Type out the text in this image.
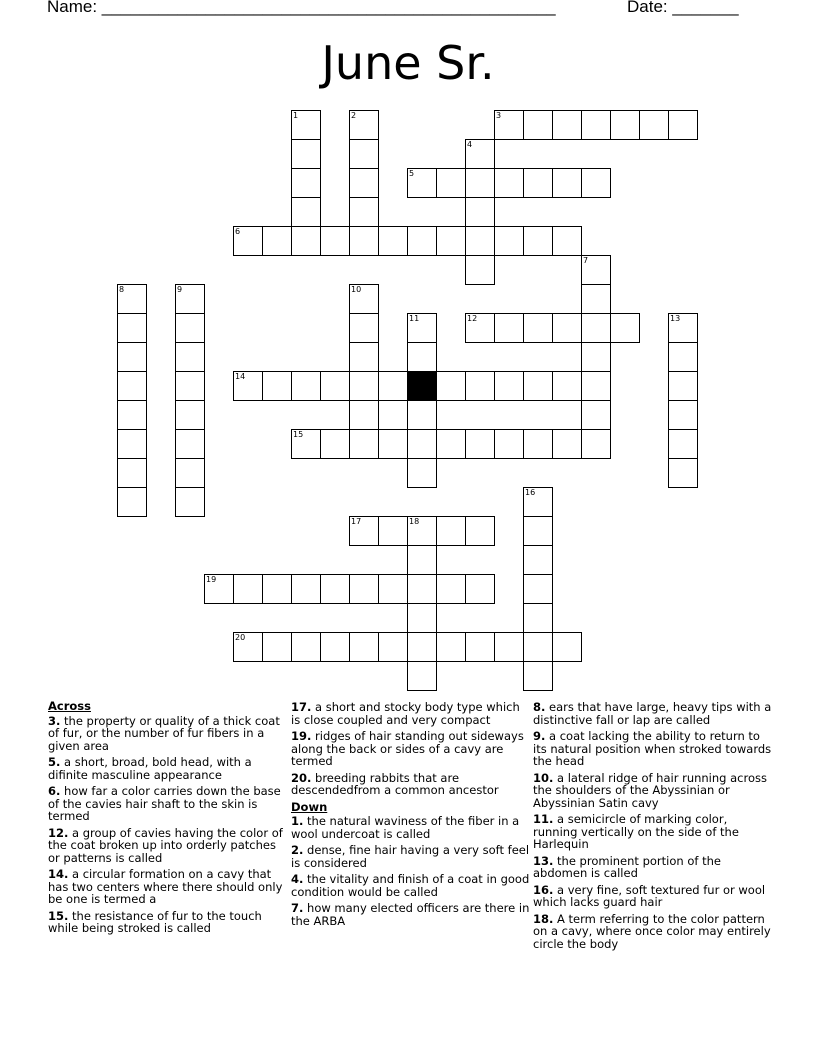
Name: ________________________________________________	Date: _______
June Sr.
1	2	3
4
5
6
7
8	9	10
11	12	13
14
15
16
17	18
19
20
Across
3. the property or quality of a thick coat of fur, or the number of fur fibers in a given area
5. a short, broad, bold head, with a difinite masculine appearance
6. how far a color carries down the base of the cavies hair shaft to the skin is termed
12. a group of cavies having the color of the coat broken up into orderly patches or patterns is called
14. a circular formation on a cavy that has two centers where there should only be one is termed a
15. the resistance of fur to the touch while being stroked is called
17. a short and stocky body type which is close coupled and very compact
19. ridges of hair standing out sideways along the back or sides of a cavy are termed
20. breeding rabbits that are descendedfrom a common ancestor
Down
1. the natural waviness of the fiber in a wool undercoat is called
2. dense, fine hair having a very soft feel is considered
4. the vitality and finish of a coat in good condition would be called
7. how many elected officers are there in the ARBA
8. ears that have large, heavy tips with a distinctive fall or lap are called
9. a coat lacking the ability to return to its natural position when stroked towards the head
10. a lateral ridge of hair running across the shoulders of the Abyssinian or Abyssinian Satin cavy
11. a semicircle of marking color, running vertically on the side of the Harlequin
13. the prominent portion of the abdomen is called
16. a very fine, soft textured fur or wool which lacks guard hair
18. A term referring to the color pattern on a cavy, where once color may entirely circle the body
